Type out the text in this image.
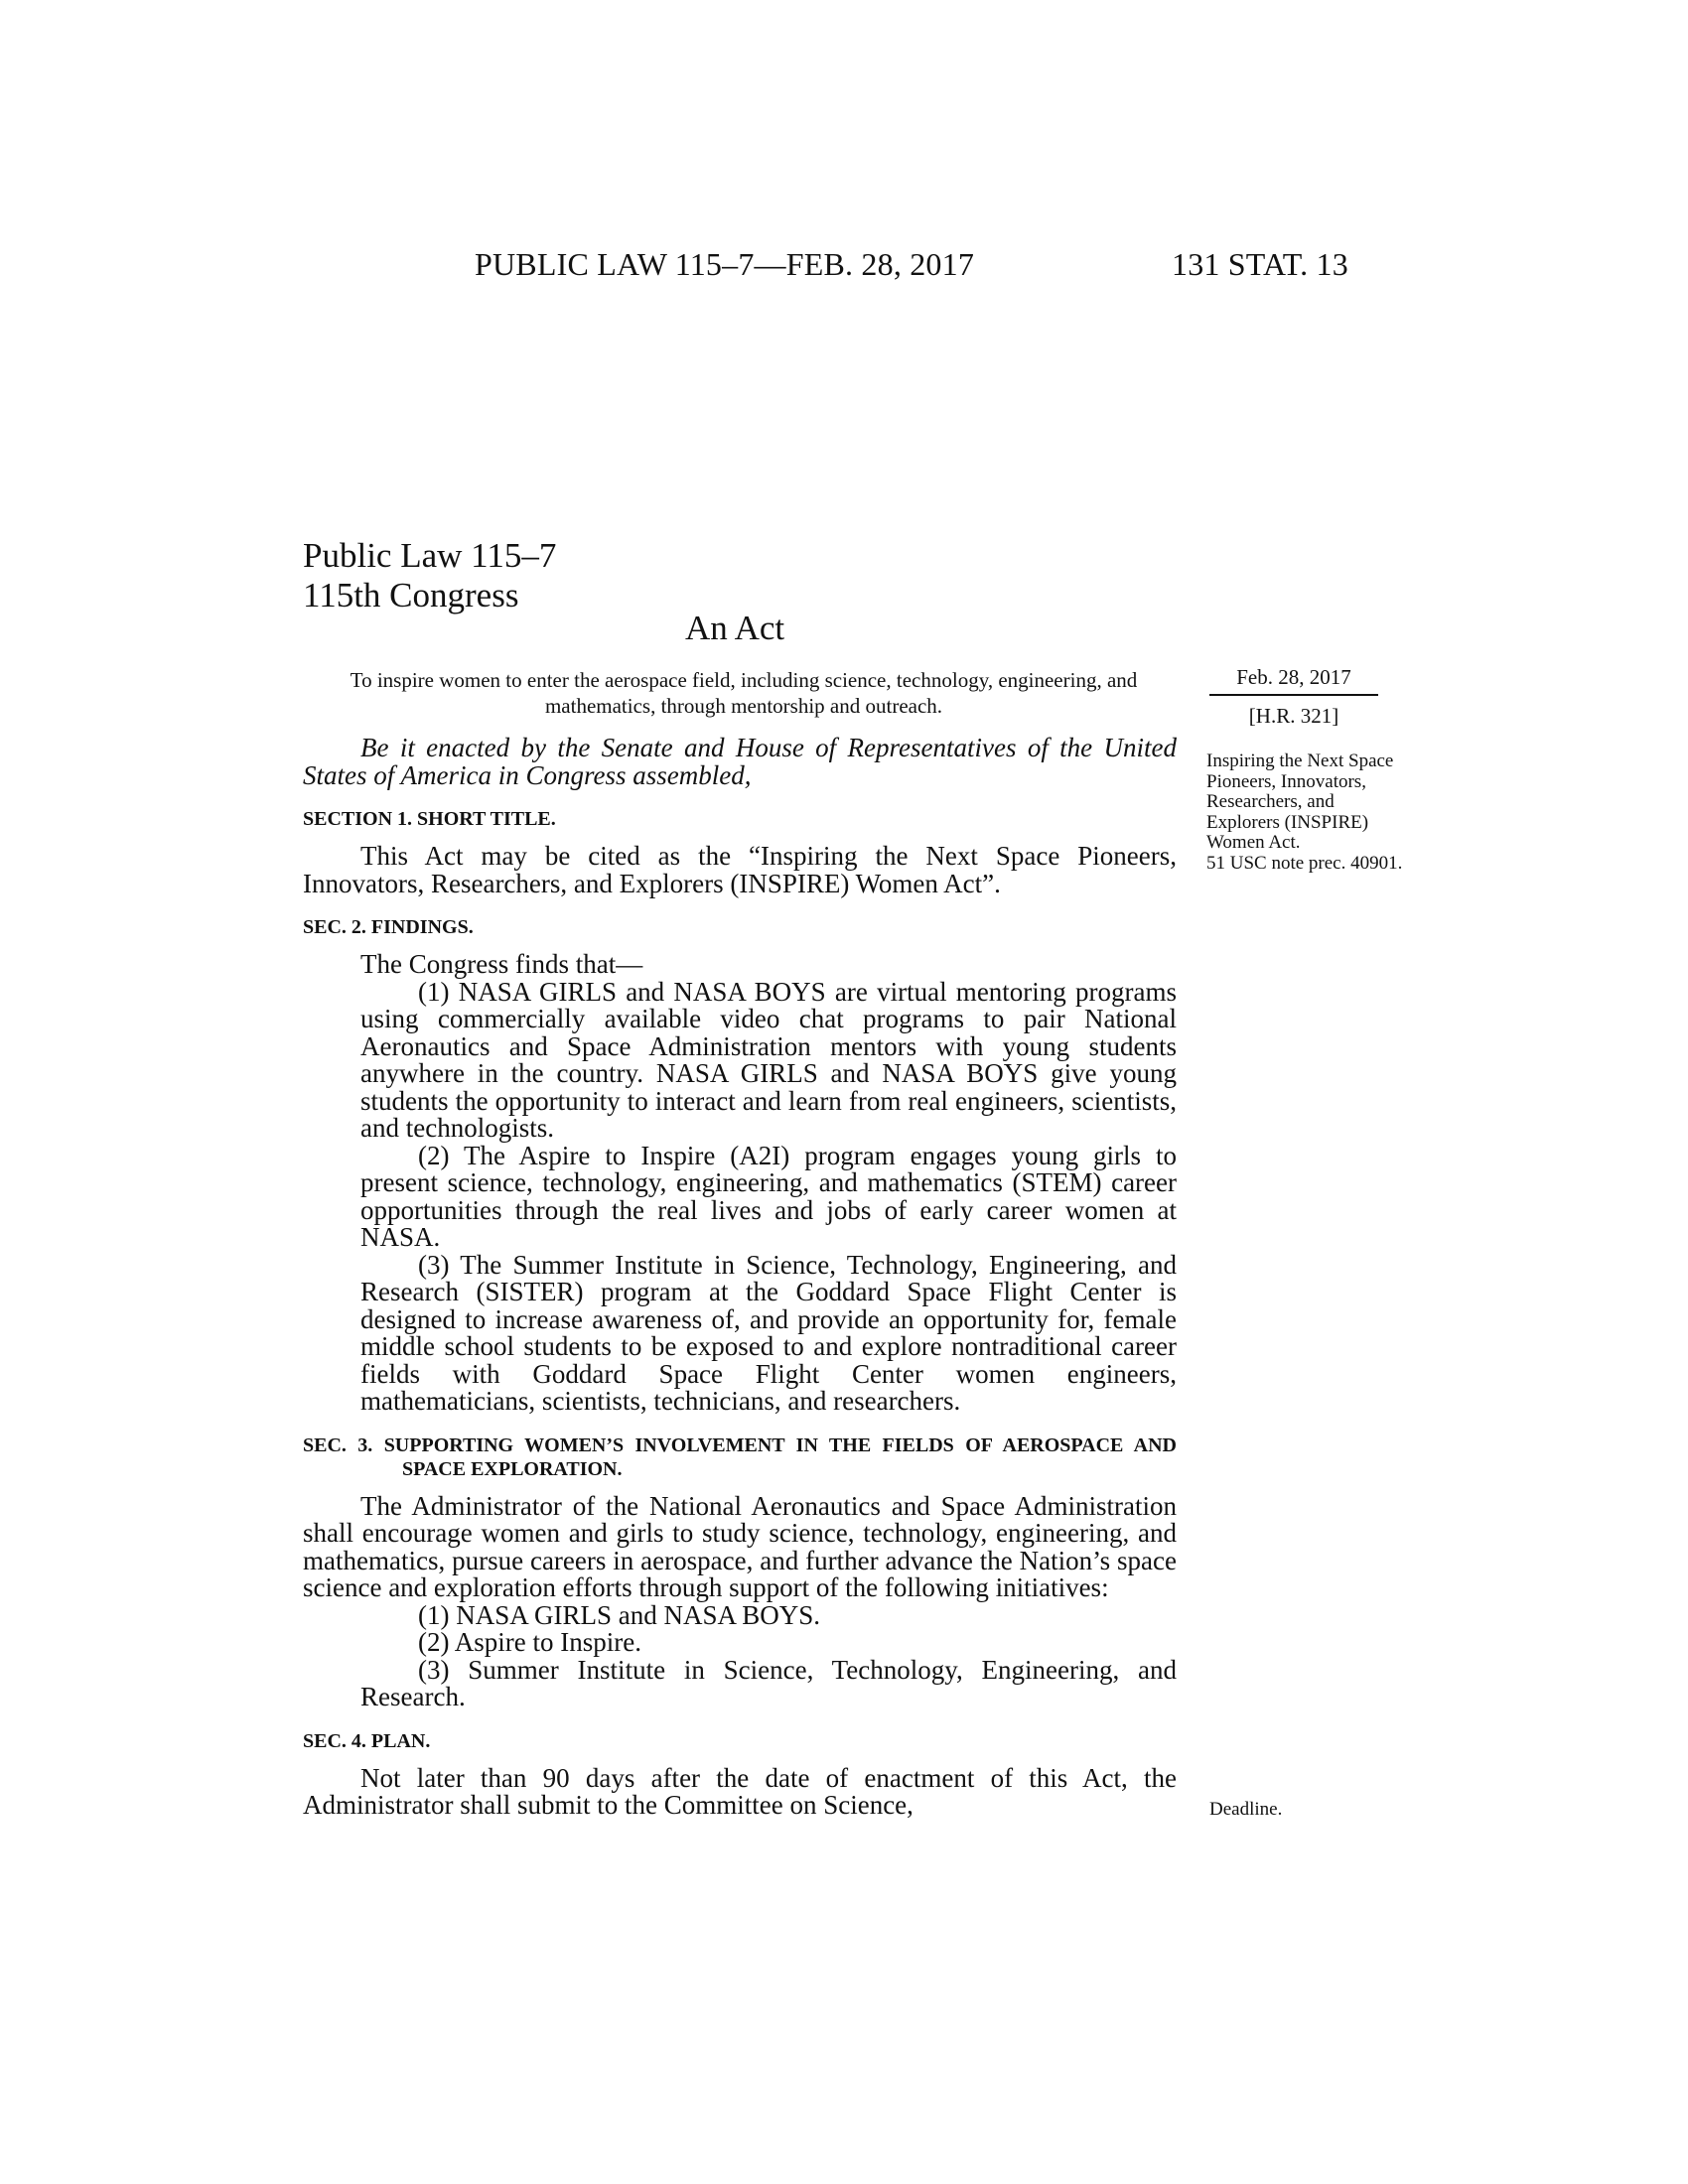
PUBLIC LAW 115–7—FEB. 28, 2017	131 STAT. 13
Public Law 115–7
115th Congress
An Act
To inspire women to enter the aerospace field, including science, technology, engineering, and mathematics, through mentorship and outreach.
Feb. 28, 2017
[H.R. 321]

Be it enacted by the Senate and House of Representatives of the United States of America in Congress assembled,

SECTION 1. SHORT TITLE.

This Act may be cited as the “Inspiring the Next Space Pioneers, Innovators, Researchers, and Explorers (INSPIRE) Women Act”.

SEC. 2. FINDINGS.

The Congress finds that—

(1) NASA GIRLS and NASA BOYS are virtual mentoring programs using commercially available video chat programs to pair National Aeronautics and Space Administration mentors with young students anywhere in the country. NASA GIRLS and NASA BOYS give young students the opportunity to interact and learn from real engineers, scientists, and technologists.

(2) The Aspire to Inspire (A2I) program engages young girls to present science, technology, engineering, and mathematics (STEM) career opportunities through the real lives and jobs of early career women at NASA.

(3) The Summer Institute in Science, Technology, Engineering, and Research (SISTER) program at the Goddard Space Flight Center is designed to increase awareness of, and provide an opportunity for, female middle school students to be exposed to and explore nontraditional career fields with Goddard Space Flight Center women engineers, mathematicians, scientists, technicians, and researchers.

SEC. 3. SUPPORTING WOMEN’S INVOLVEMENT IN THE FIELDS OF AEROSPACE AND SPACE EXPLORATION.

The Administrator of the National Aeronautics and Space Administration shall encourage women and girls to study science, technology, engineering, and mathematics, pursue careers in aerospace, and further advance the Nation’s space science and exploration efforts through support of the following initiatives:

(1) NASA GIRLS and NASA BOYS.

(2) Aspire to Inspire.

(3) Summer Institute in Science, Technology, Engineering, and Research.

SEC. 4. PLAN.

Not later than 90 days after the date of enactment of this Act, the Administrator shall submit to the Committee on Science,

Inspiring the Next Space Pioneers, Innovators, Researchers, and Explorers (INSPIRE) Women Act.
51 USC note prec. 40901.
Deadline.
